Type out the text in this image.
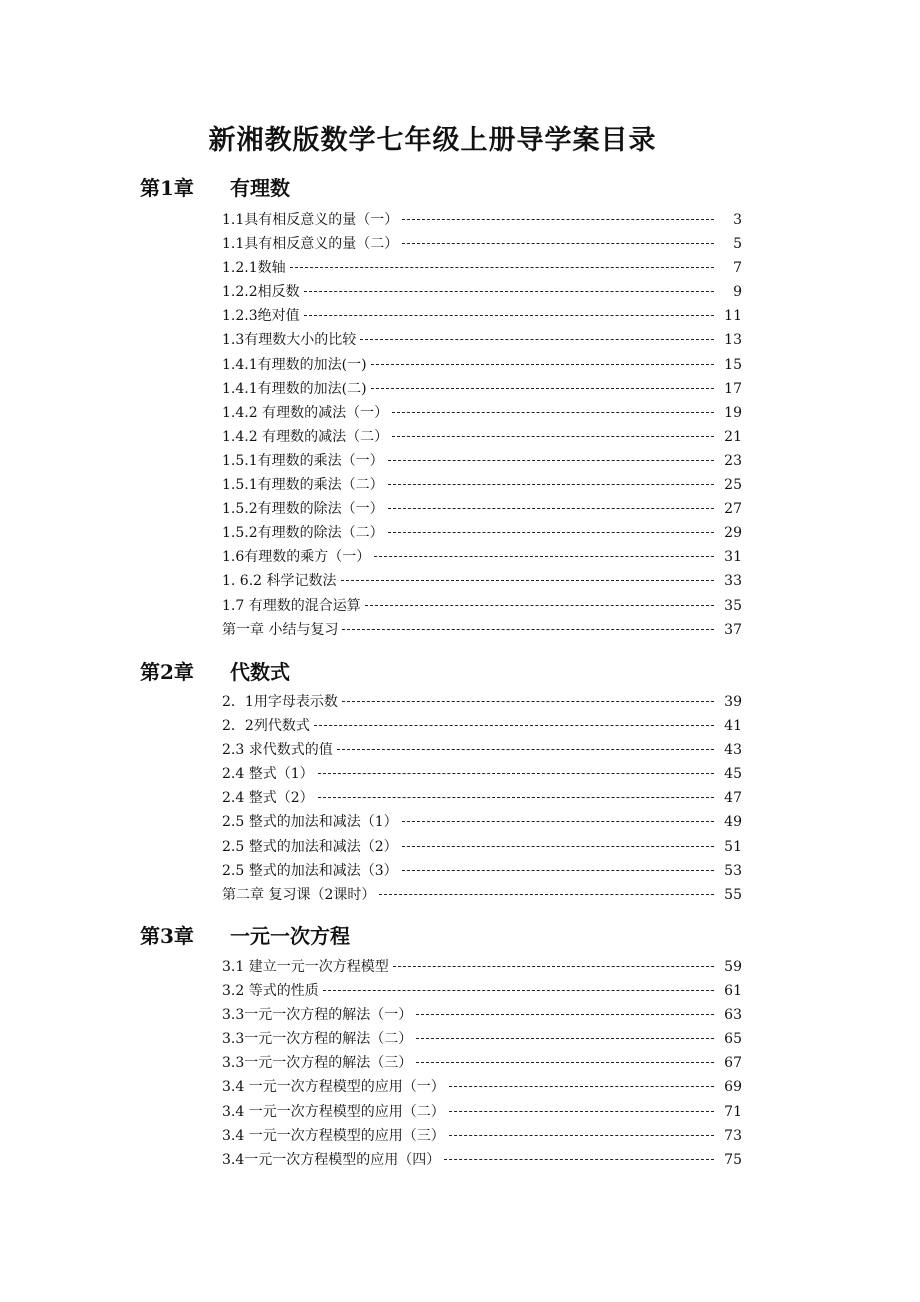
新湘教版数学七年级上册导学案目录
第1章 有理数
1.1具有相反意义的量（一）	3
1.1具有相反意义的量（二）	5
1.2.1数轴	7
1.2.2相反数	9
1.2.3绝对值	11
1.3有理数大小的比较	13
1.4.1有理数的加法(一)	15
1.4.1有理数的加法(二)	17
1.4.2 有理数的减法（一）	19
1.4.2 有理数的减法（二）	21
1.5.1有理数的乘法（一）	23
1.5.1有理数的乘法（二）	25
1.5.2有理数的除法（一）	27
1.5.2有理数的除法（二）	29
1.6有理数的乘方（一）	31
1. 6.2 科学记数法	33
1.7 有理数的混合运算	35
第一章 小结与复习	37
第2章 代数式
2．1用字母表示数	39
2．2列代数式	41
2.3 求代数式的值	43
2.4 整式（1）	45
2.4 整式（2）	47
2.5 整式的加法和减法（1）	49
2.5 整式的加法和减法（2）	51
2.5 整式的加法和减法（3）	53
第二章 复习课（2课时）	55
第3章 一元一次方程
3.1 建立一元一次方程模型	59
3.2 等式的性质	61
3.3一元一次方程的解法（一）	63
3.3一元一次方程的解法（二）	65
3.3一元一次方程的解法（三）	67
3.4 一元一次方程模型的应用（一）	69
3.4 一元一次方程模型的应用（二）	71
3.4 一元一次方程模型的应用（三）	73
3.4一元一次方程模型的应用（四）	75
